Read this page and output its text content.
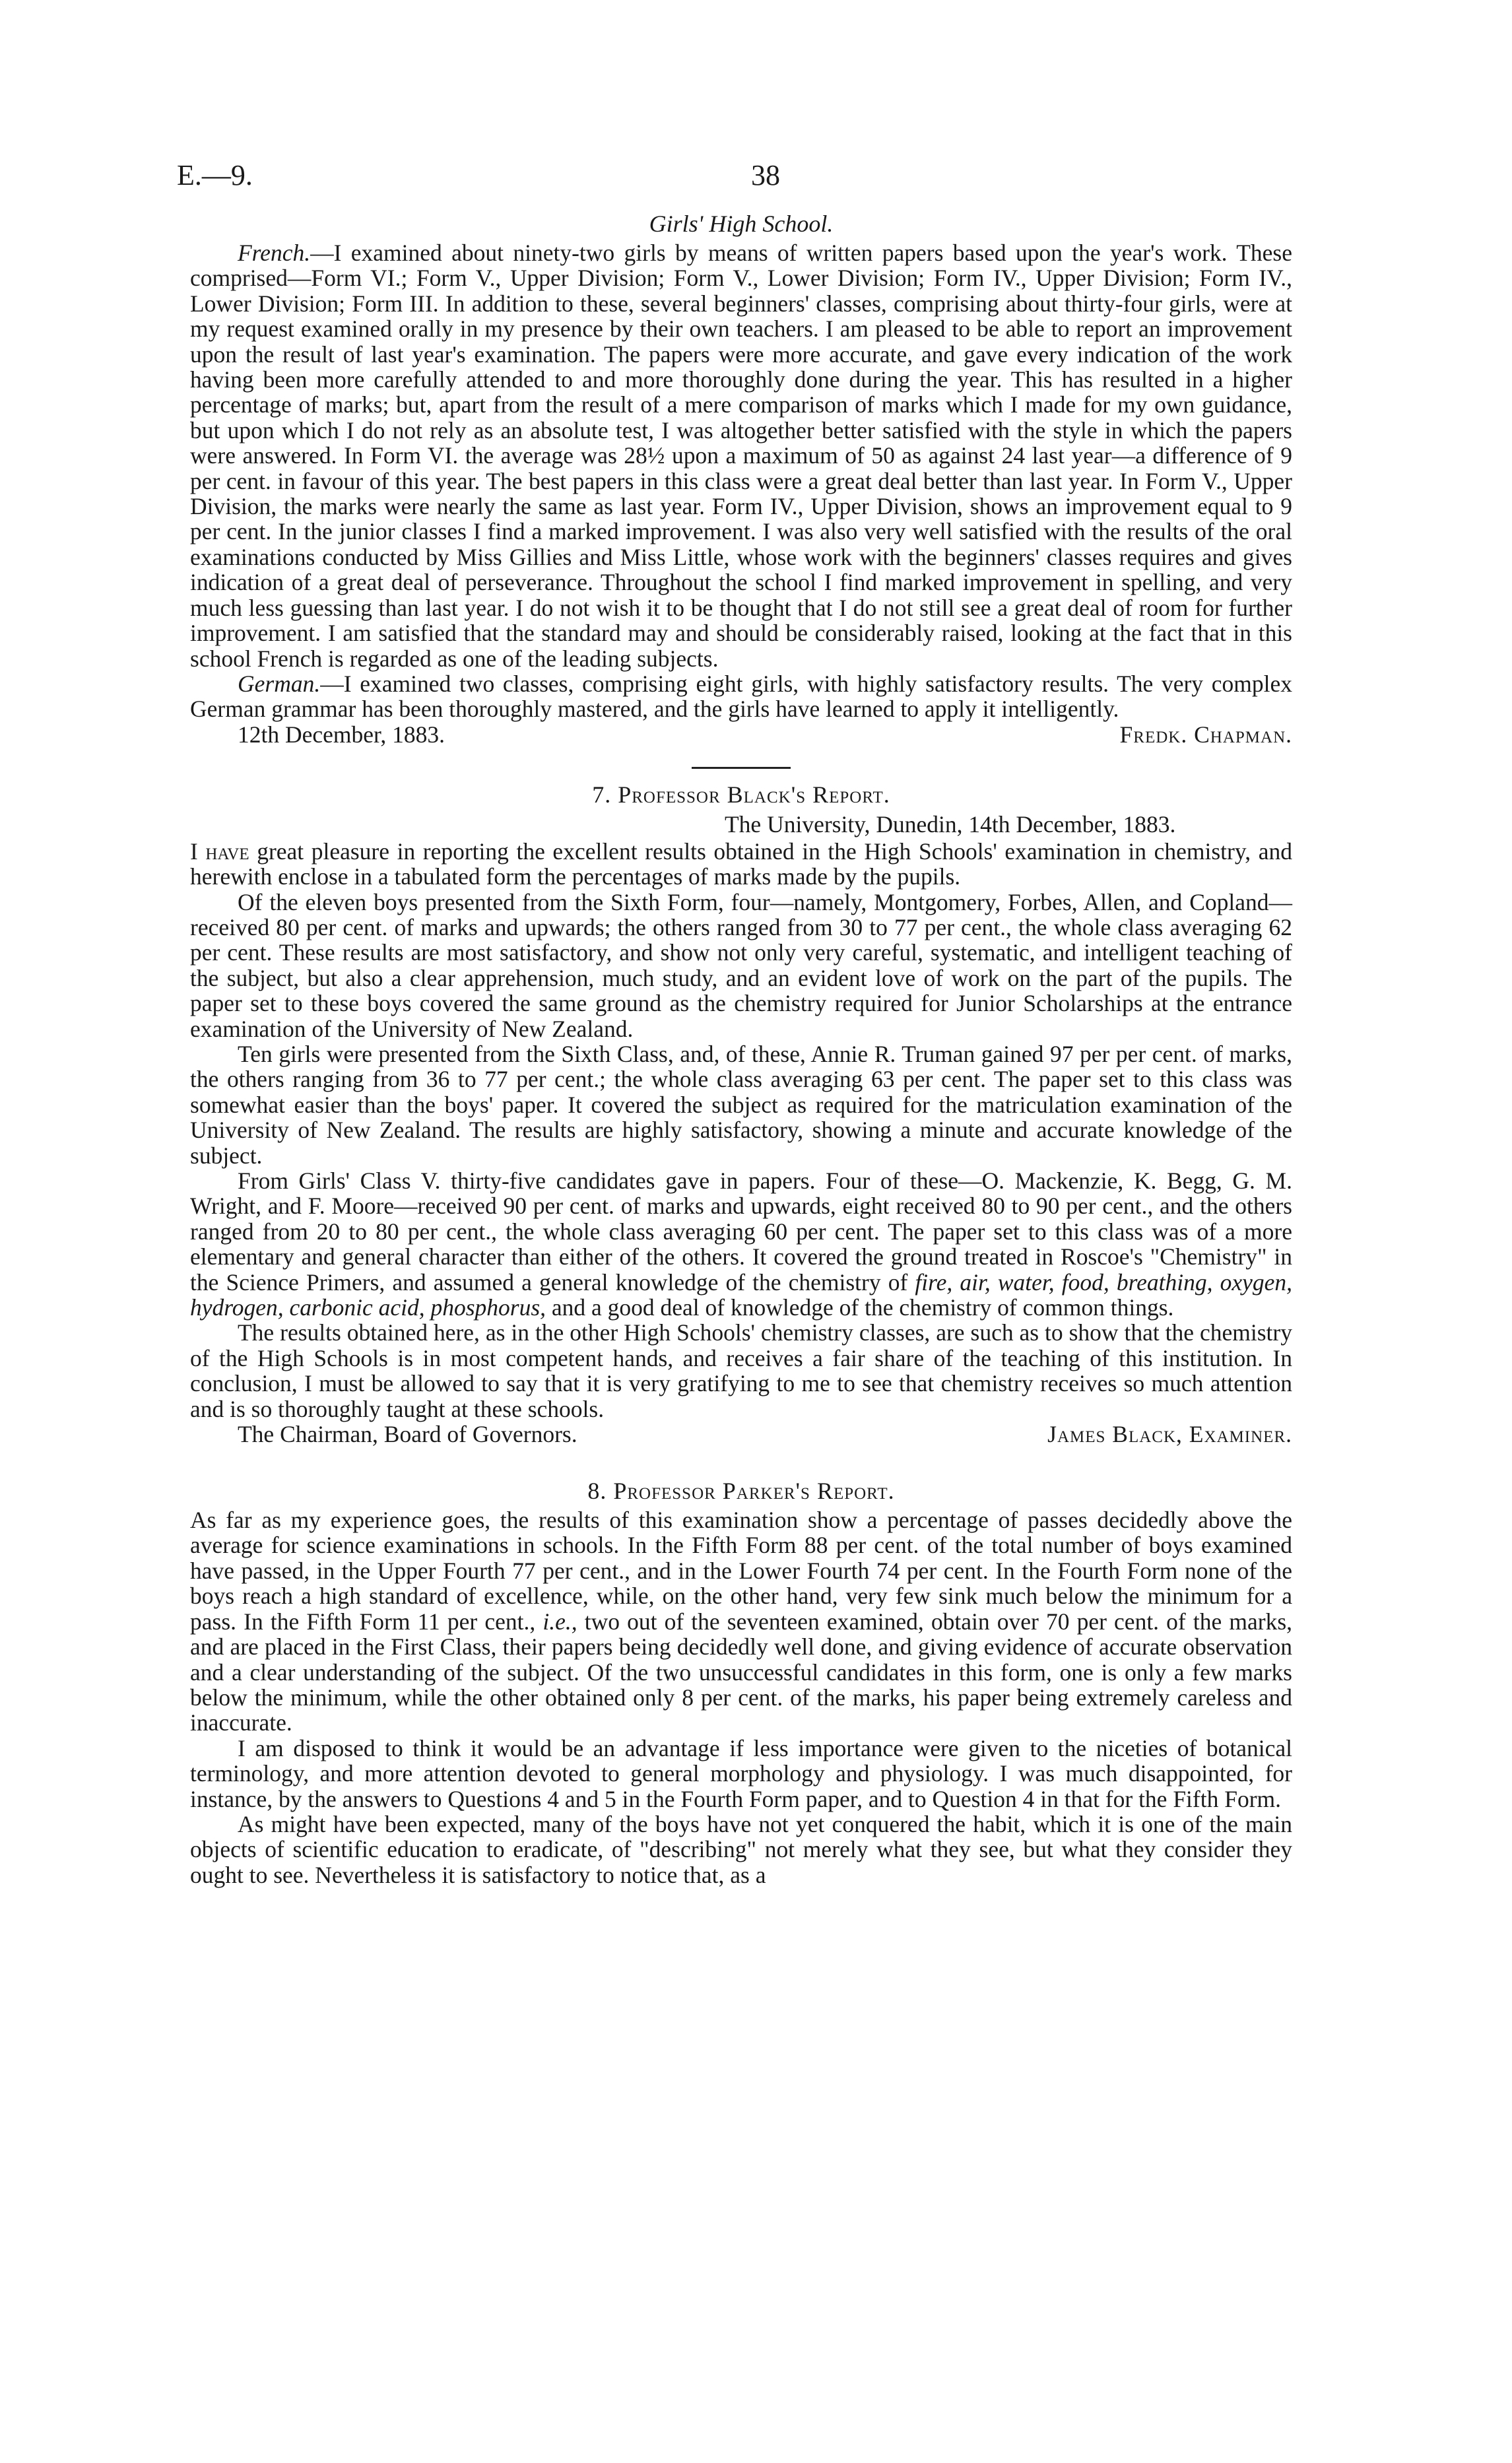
E.—9.	38
Girls' High School.

French.—I examined about ninety-two girls by means of written papers based upon the year's work. These comprised—Form VI.; Form V., Upper Division; Form V., Lower Division; Form IV., Upper Division; Form IV., Lower Division; Form III. In addition to these, several beginners' classes, comprising about thirty-four girls, were at my request examined orally in my presence by their own teachers. I am pleased to be able to report an improvement upon the result of last year's examination. The papers were more accurate, and gave every indication of the work having been more carefully attended to and more thoroughly done during the year. This has resulted in a higher percentage of marks; but, apart from the result of a mere comparison of marks which I made for my own guidance, but upon which I do not rely as an absolute test, I was altogether better satisfied with the style in which the papers were answered. In Form VI. the average was 28½ upon a maximum of 50 as against 24 last year—a difference of 9 per cent. in favour of this year. The best papers in this class were a great deal better than last year. In Form V., Upper Division, the marks were nearly the same as last year. Form IV., Upper Division, shows an improvement equal to 9 per cent. In the junior classes I find a marked improvement. I was also very well satisfied with the results of the oral examinations conducted by Miss Gillies and Miss Little, whose work with the beginners' classes requires and gives indication of a great deal of perseverance. Throughout the school I find marked improvement in spelling, and very much less guessing than last year. I do not wish it to be thought that I do not still see a great deal of room for further improvement. I am satisfied that the standard may and should be considerably raised, looking at the fact that in this school French is regarded as one of the leading subjects.

German.—I examined two classes, comprising eight girls, with highly satisfactory results. The very complex German grammar has been thoroughly mastered, and the girls have learned to apply it intelligently.

12th December, 1883.	Fredk. Chapman.
7. Professor Black's Report.
The University, Dunedin, 14th December, 1883.

I have great pleasure in reporting the excellent results obtained in the High Schools' examination in chemistry, and herewith enclose in a tabulated form the percentages of marks made by the pupils.

Of the eleven boys presented from the Sixth Form, four—namely, Montgomery, Forbes, Allen, and Copland—received 80 per cent. of marks and upwards; the others ranged from 30 to 77 per cent., the whole class averaging 62 per cent. These results are most satisfactory, and show not only very careful, systematic, and intelligent teaching of the subject, but also a clear apprehension, much study, and an evident love of work on the part of the pupils. The paper set to these boys covered the same ground as the chemistry required for Junior Scholarships at the entrance examination of the University of New Zealand.

Ten girls were presented from the Sixth Class, and, of these, Annie R. Truman gained 97 per per cent. of marks, the others ranging from 36 to 77 per cent.; the whole class averaging 63 per cent. The paper set to this class was somewhat easier than the boys' paper. It covered the subject as required for the matriculation examination of the University of New Zealand. The results are highly satisfactory, showing a minute and accurate knowledge of the subject.

From Girls' Class V. thirty-five candidates gave in papers. Four of these—O. Mackenzie, K. Begg, G. M. Wright, and F. Moore—received 90 per cent. of marks and upwards, eight received 80 to 90 per cent., and the others ranged from 20 to 80 per cent., the whole class averaging 60 per cent. The paper set to this class was of a more elementary and general character than either of the others. It covered the ground treated in Roscoe's "Chemistry" in the Science Primers, and assumed a general knowledge of the chemistry of fire, air, water, food, breathing, oxygen, hydrogen, carbonic acid, phosphorus, and a good deal of knowledge of the chemistry of common things.

The results obtained here, as in the other High Schools' chemistry classes, are such as to show that the chemistry of the High Schools is in most competent hands, and receives a fair share of the teaching of this institution. In conclusion, I must be allowed to say that it is very gratifying to me to see that chemistry receives so much attention and is so thoroughly taught at these schools.

The Chairman, Board of Governors.	James Black, Examiner.
8. Professor Parker's Report.

As far as my experience goes, the results of this examination show a percentage of passes decidedly above the average for science examinations in schools. In the Fifth Form 88 per cent. of the total number of boys examined have passed, in the Upper Fourth 77 per cent., and in the Lower Fourth 74 per cent. In the Fourth Form none of the boys reach a high standard of excellence, while, on the other hand, very few sink much below the minimum for a pass. In the Fifth Form 11 per cent., i.e., two out of the seventeen examined, obtain over 70 per cent. of the marks, and are placed in the First Class, their papers being decidedly well done, and giving evidence of accurate observation and a clear understanding of the subject. Of the two unsuccessful candidates in this form, one is only a few marks below the minimum, while the other obtained only 8 per cent. of the marks, his paper being extremely careless and inaccurate.

I am disposed to think it would be an advantage if less importance were given to the niceties of botanical terminology, and more attention devoted to general morphology and physiology. I was much disappointed, for instance, by the answers to Questions 4 and 5 in the Fourth Form paper, and to Question 4 in that for the Fifth Form.

As might have been expected, many of the boys have not yet conquered the habit, which it is one of the main objects of scientific education to eradicate, of "describing" not merely what they see, but what they consider they ought to see. Nevertheless it is satisfactory to notice that, as a
